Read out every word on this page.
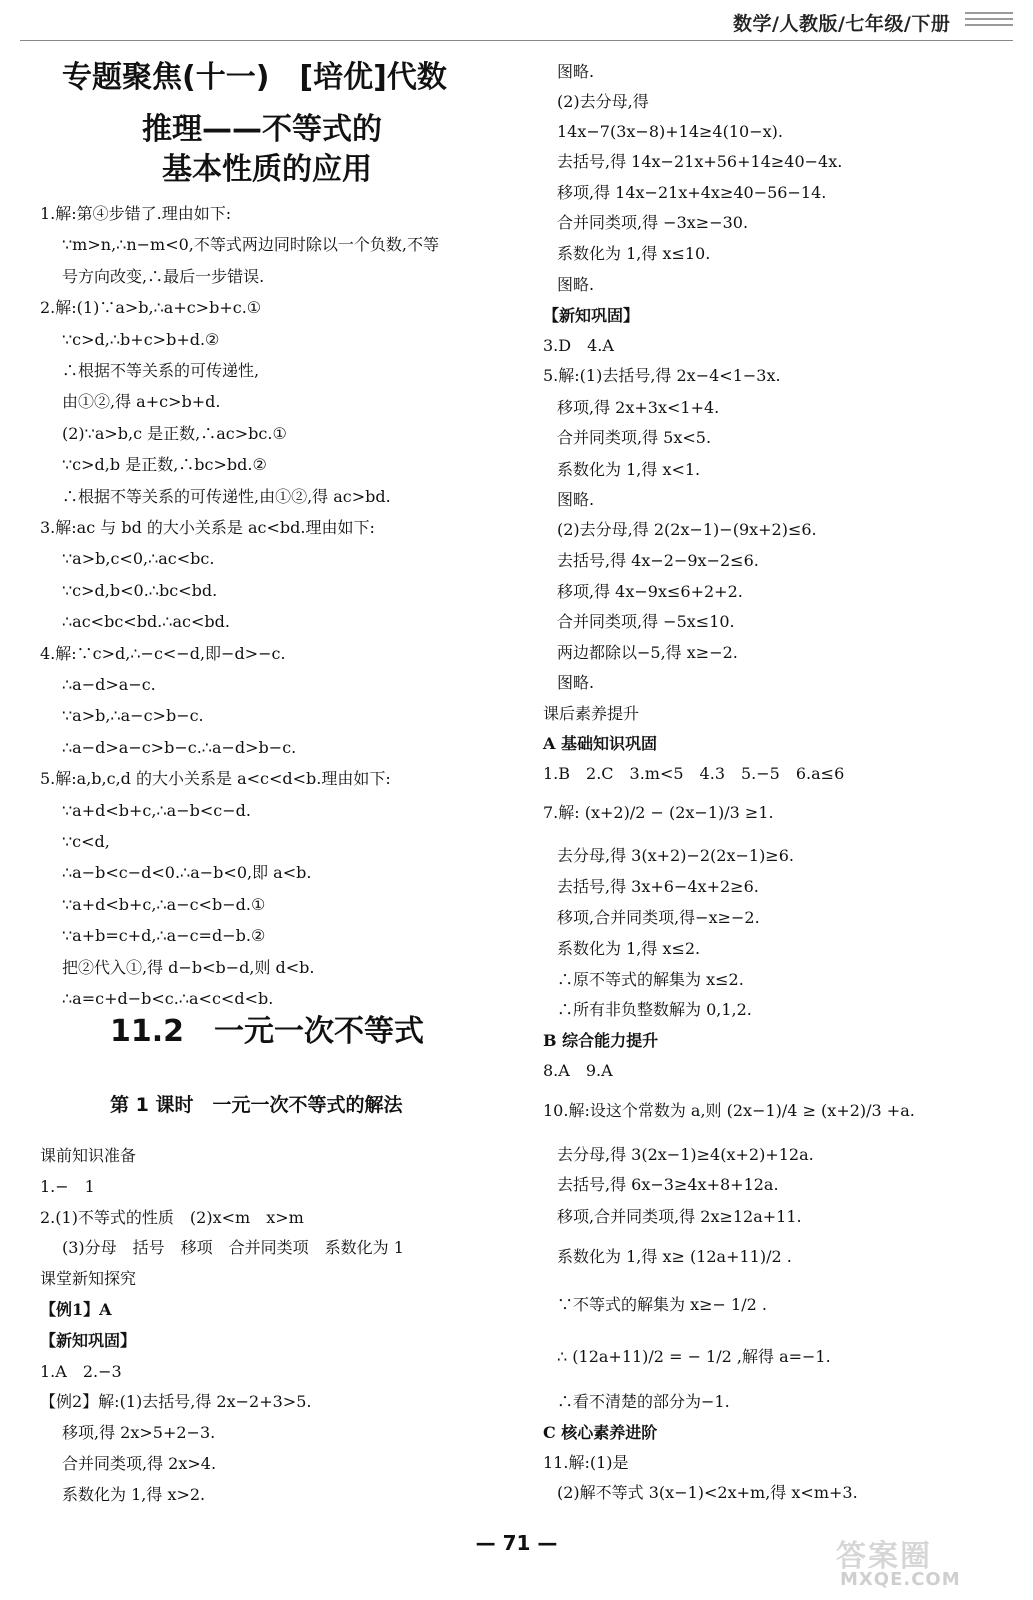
数学/人教版/七年级/下册
专题聚焦(十一)　[培优]代数
推理——不等式的
基本性质的应用
1.解:第④步错了.理由如下:
∵m>n,∴n−m<0,不等式两边同时除以一个负数,不等
号方向改变,∴最后一步错误.
2.解:(1)∵a>b,∴a+c>b+c.①
∵c>d,∴b+c>b+d.②
∴根据不等关系的可传递性,
由①②,得 a+c>b+d.
(2)∵a>b,c 是正数,∴ac>bc.①
∵c>d,b 是正数,∴bc>bd.②
∴根据不等关系的可传递性,由①②,得 ac>bd.
3.解:ac 与 bd 的大小关系是 ac<bd.理由如下:
∵a>b,c<0,∴ac<bc.
∵c>d,b<0.∴bc<bd.
∴ac<bc<bd.∴ac<bd.
4.解:∵c>d,∴−c<−d,即−d>−c.
∴a−d>a−c.
∵a>b,∴a−c>b−c.
∴a−d>a−c>b−c.∴a−d>b−c.
5.解:a,b,c,d 的大小关系是 a<c<d<b.理由如下:
∵a+d<b+c,∴a−b<c−d.
∵c<d,
∴a−b<c−d<0.∴a−b<0,即 a<b.
∵a+d<b+c,∴a−c<b−d.①
∵a+b=c+d,∴a−c=d−b.②
把②代入①,得 d−b<b−d,则 d<b.
∴a=c+d−b<c.∴a<c<d<b.
11.2　一元一次不等式
第 1 课时　一元一次不等式的解法
课前知识准备
1.−　1
2.(1)不等式的性质　(2)x<m　x>m
(3)分母　括号　移项　合并同类项　系数化为 1
课堂新知探究
【例1】A
【新知巩固】
1.A　2.−3
【例2】解:(1)去括号,得 2x−2+3>5.
移项,得 2x>5+2−3.
合并同类项,得 2x>4.
系数化为 1,得 x>2.
图略.
(2)去分母,得
14x−7(3x−8)+14≥4(10−x).
去括号,得 14x−21x+56+14≥40−4x.
移项,得 14x−21x+4x≥40−56−14.
合并同类项,得 −3x≥−30.
系数化为 1,得 x≤10.
图略.
【新知巩固】
3.D　4.A
5.解:(1)去括号,得 2x−4<1−3x.
移项,得 2x+3x<1+4.
合并同类项,得 5x<5.
系数化为 1,得 x<1.
图略.
(2)去分母,得 2(2x−1)−(9x+2)≤6.
去括号,得 4x−2−9x−2≤6.
移项,得 4x−9x≤6+2+2.
合并同类项,得 −5x≤10.
两边都除以−5,得 x≥−2.
图略.
课后素养提升
A 基础知识巩固
1.B　2.C　3.m<5　4.3　5.−5　6.a≤6
7.解: (x+2)/2 − (2x−1)/3 ≥1.
去分母,得 3(x+2)−2(2x−1)≥6.
去括号,得 3x+6−4x+2≥6.
移项,合并同类项,得−x≥−2.
系数化为 1,得 x≤2.
∴原不等式的解集为 x≤2.
∴所有非负整数解为 0,1,2.
B 综合能力提升
8.A　9.A
10.解:设这个常数为 a,则 (2x−1)/4 ≥ (x+2)/3 +a.
去分母,得 3(2x−1)≥4(x+2)+12a.
去括号,得 6x−3≥4x+8+12a.
移项,合并同类项,得 2x≥12a+11.
系数化为 1,得 x≥ (12a+11)/2 .
∵不等式的解集为 x≥− 1/2 .
∴ (12a+11)/2 = − 1/2 ,解得 a=−1.
∴看不清楚的部分为−1.
C 核心素养进阶
11.解:(1)是
(2)解不等式 3(x−1)<2x+m,得 x<m+3.
— 71 —	答案圈
MXQE.COM
